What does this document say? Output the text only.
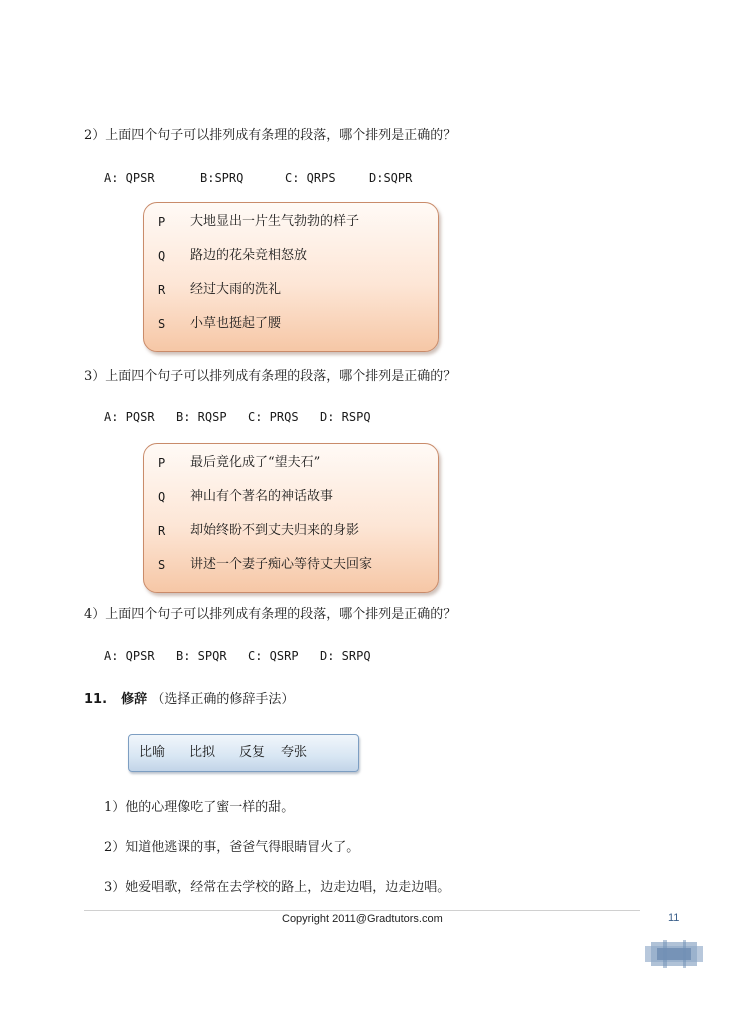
2）上面四个句子可以排列成有条理的段落，哪个排列是正确的？
A: QPSR	B:SPRQ	C: QRPS	D:SQPR
P 大地显出一片生气勃勃的样子
Q 路边的花朵竞相怒放
R 经过大雨的洗礼
S 小草也挺起了腰
3）上面四个句子可以排列成有条理的段落，哪个排列是正确的？
A: PQSR B: RQSP C: PRQS D: RSPQ
P 最后竟化成了“望夫石”
Q 神山有个著名的神话故事
R 却始终盼不到丈夫归来的身影
S 讲述一个妻子痴心等待丈夫回家
4）上面四个句子可以排列成有条理的段落，哪个排列是正确的？
A: QPSR B: SPQR C: QSRP D: SRPQ
11. 修辞 （选择正确的修辞手法）
比喻 比拟 反复 夸张
1）他的心理像吃了蜜一样的甜。
2）知道他逃课的事，爸爸气得眼睛冒火了。
3）她爱唱歌，经常在去学校的路上，边走边唱，边走边唱。
Copyright 2011@Gradtutors.com	11
